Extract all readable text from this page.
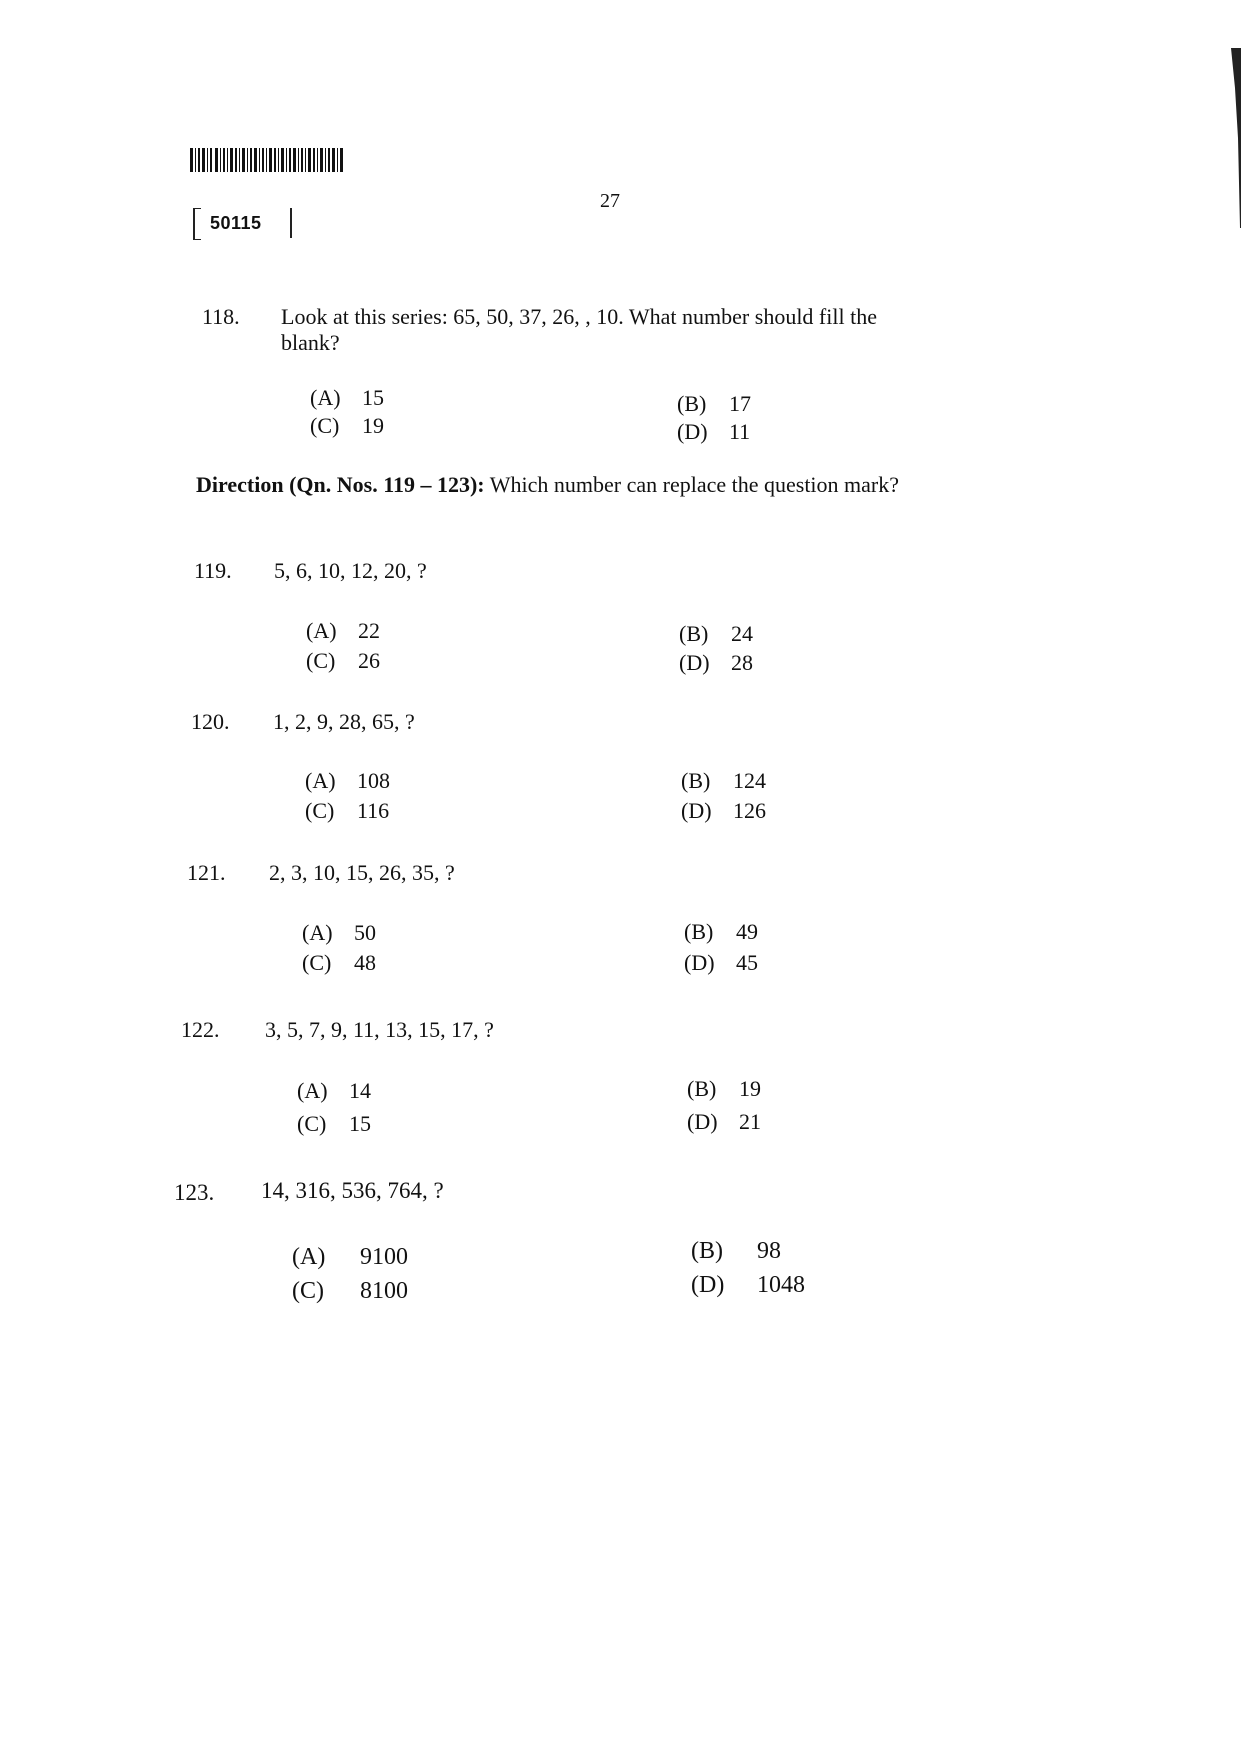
50115
27
118. Look at this series: 65, 50, 37, 26, , 10. What number should fill the
blank?
(A) 15	(B) 17
(C) 19	(D) 11
Direction (Qn. Nos. 119 – 123): Which number can replace the question mark?
119. 5, 6, 10, 12, 20, ?
(A) 22	(B) 24
(C) 26	(D) 28
120. 1, 2, 9, 28, 65, ?
(A) 108	(B) 124
(C) 116	(D) 126
121. 2, 3, 10, 15, 26, 35, ?
(A) 50	(B) 49
(C) 48	(D) 45
122. 3, 5, 7, 9, 11, 13, 15, 17, ?
(A) 14	(B) 19
(C) 15	(D) 21
123. 14, 316, 536, 764, ?
(A) 9100	(B) 98
(C) 8100	(D) 1048
